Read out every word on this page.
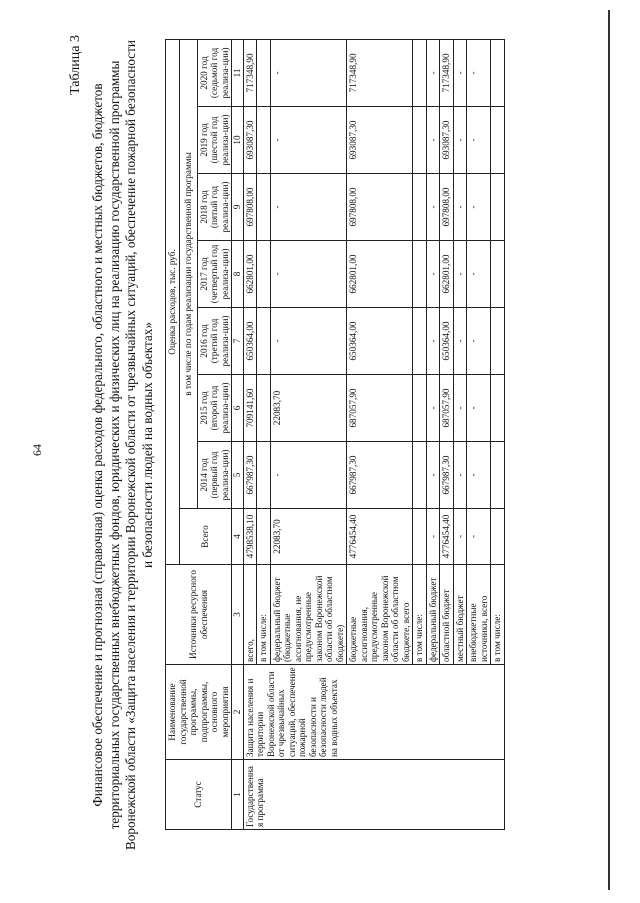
64
Таблица 3
Финансовое обеспечение и прогнозная (справочная) оценка расходов федерального, областного и местных бюджетов, бюджетов территориальных государственных внебюджетных фондов, юридических и физических лиц на реализацию государственной программы Воронежской области «Защита населения и территории Воронежской области от чрезвычайных ситуаций, обеспечение пожарной безопасности и безопасности людей на водных объектах»
Статус	Наименование государственной программы, подпрограммы, основного мероприятия	Источники ресурсного обеспечения	Оценка расходов, тыс. руб.							
			Всего	в том числе по годам реализации государственной программы						
				2014 год (первый год реализа-ции)	2015 год (второй год реализа-ции)	2016 год (третий год реализа-ции)	2017 год (четвертый год реализа-ции)	2018 год (пятый год реализа-ции)	2019 год (шестой год реализа-ции)	2020 год (седьмой год реализа-ции)
1	2	3	4	5	6	7	8	9	10	11
Государственная программа	Защита населения и территории Воронежской области от чрезвычайных ситуаций, обеспечение пожарной безопасности и безопасности людей на водных объектах	всего,	4798538,10	667987,30	709141,60	650364,00	662801,00	697808,00	693087,30	717348,90
		в том числе:								
		федеральный бюджет (бюджетные ассигнования, не предусмотренные законом Воронежской области об областном бюджете)	22083,70	-	22083,70	-	-	-	-	-
		бюджетные ассигнования, предусмотренные законом Воронежской области об областном бюджете, всего	4776454,40	667987,30	687057,90	650364,00	662801,00	697808,00	693087,30	717348,90
		в том числе:								
		федеральный бюджет	-	-	-	-	-	-	-	-
		областной бюджет	4776454,40	667987,30	687057,90	650364,00	662801,00	697808,00	693087,30	717348,90
		местный бюджет	-	-	-	-	-	-	-	-
		внебюджетные источники, всего	-	-	-	-	-	-	-	-
		в том числе:								
